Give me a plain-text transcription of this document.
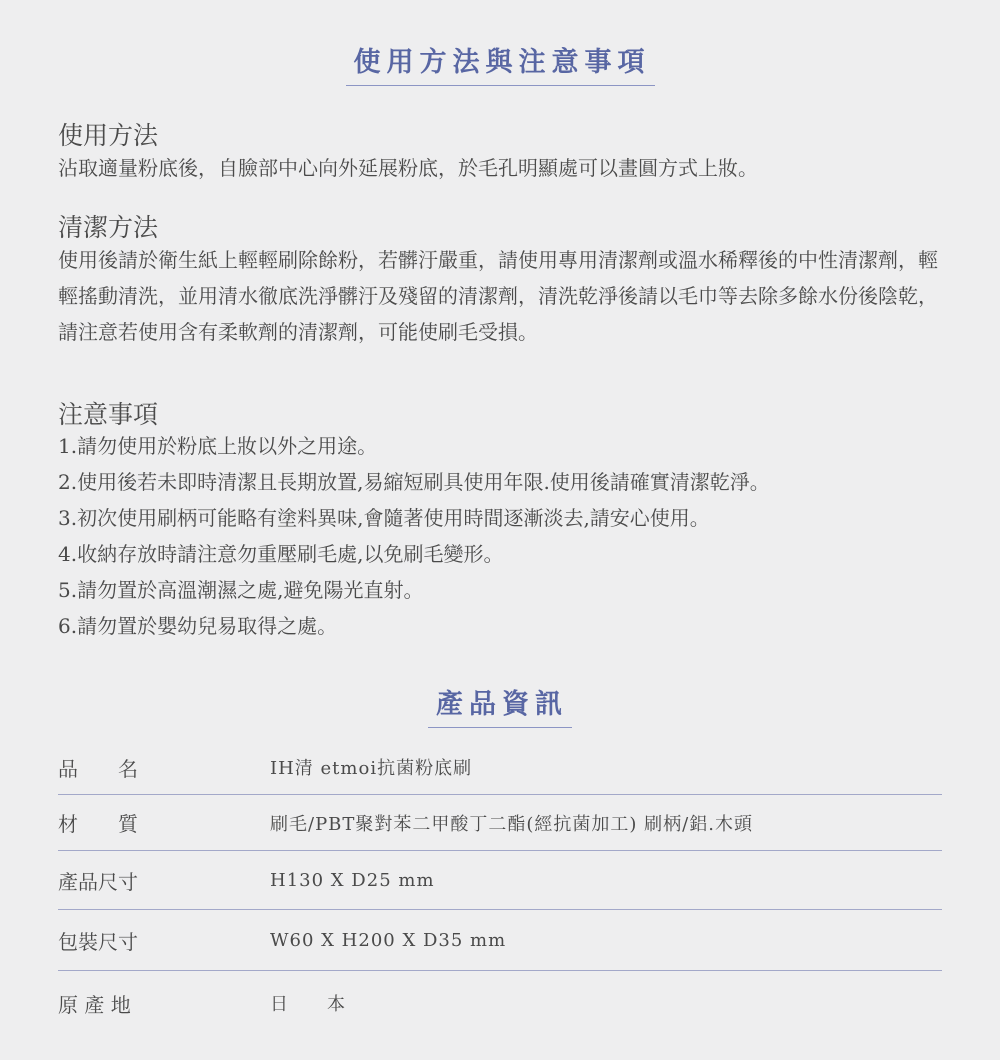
使用方法與注意事項
使用方法
沾取適量粉底後，自臉部中心向外延展粉底，於毛孔明顯處可以畫圓方式上妝。
清潔方法
使用後請於衛生紙上輕輕刷除餘粉，若髒汙嚴重，請使用專用清潔劑或溫水稀釋後的中性清潔劑，輕輕搖動清洗，並用清水徹底洗淨髒汙及殘留的清潔劑，清洗乾淨後請以毛巾等去除多餘水份後陰乾，請注意若使用含有柔軟劑的清潔劑，可能使刷毛受損。
注意事項
1.請勿使用於粉底上妝以外之用途。
2.使用後若未即時清潔且長期放置,易縮短刷具使用年限.使用後請確實清潔乾淨。
3.初次使用刷柄可能略有塗料異味,會隨著使用時間逐漸淡去,請安心使用。
4.收納存放時請注意勿重壓刷毛處,以免刷毛變形。
5.請勿置於高溫潮濕之處,避免陽光直射。
6.請勿置於嬰幼兒易取得之處。
產品資訊
品　　名	IH清 etmoi抗菌粉底刷
材　　質	刷毛/PBT聚對苯二甲酸丁二酯(經抗菌加工) 刷柄/鋁.木頭
產品尺寸	H130 X D25 mm
包裝尺寸	W60 X H200 X D35 mm
原 產 地	日　　本
